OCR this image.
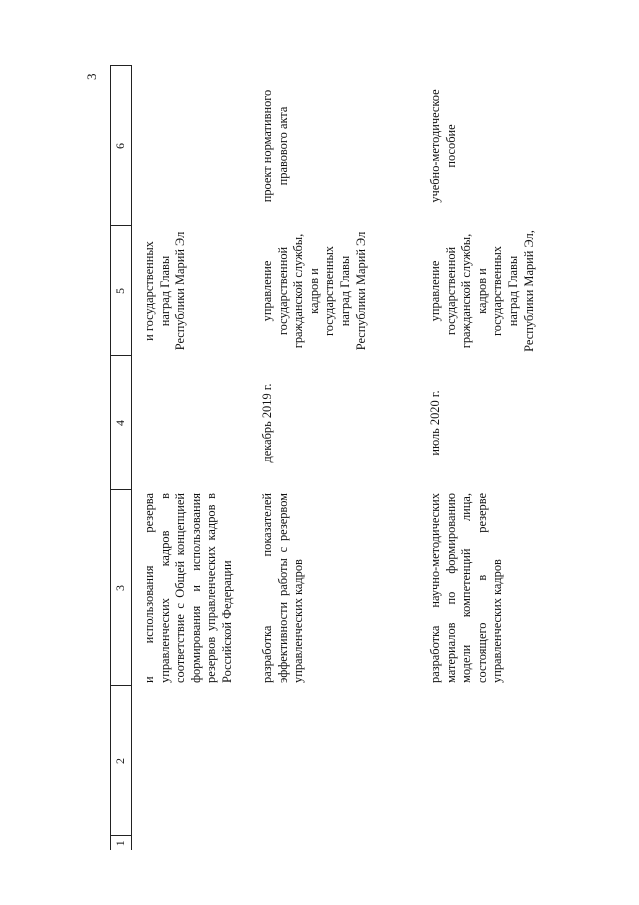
3
1	2	3	4	5	6
		и использования резерва управленческих кадров в соответствие с Общей концепцией формирования и использования резервов управленческих кадров в Российской Федерации		и государственных наград Главы Республики Марий Эл	
		разработка показателей эффективности работы с резервом управленческих кадров	декабрь 2019 г.	управление государственной гражданской службы, кадров и государственных наград Главы Республики Марий Эл	проект нормативного правового акта
		разработка научно-методических материалов по формированию модели компетенций лица, состоящего в резерве управленческих кадров	июль 2020 г.	управление государственной гражданской службы, кадров и государственных наград Главы Республики Марий Эл,	учебно-методическое пособие
